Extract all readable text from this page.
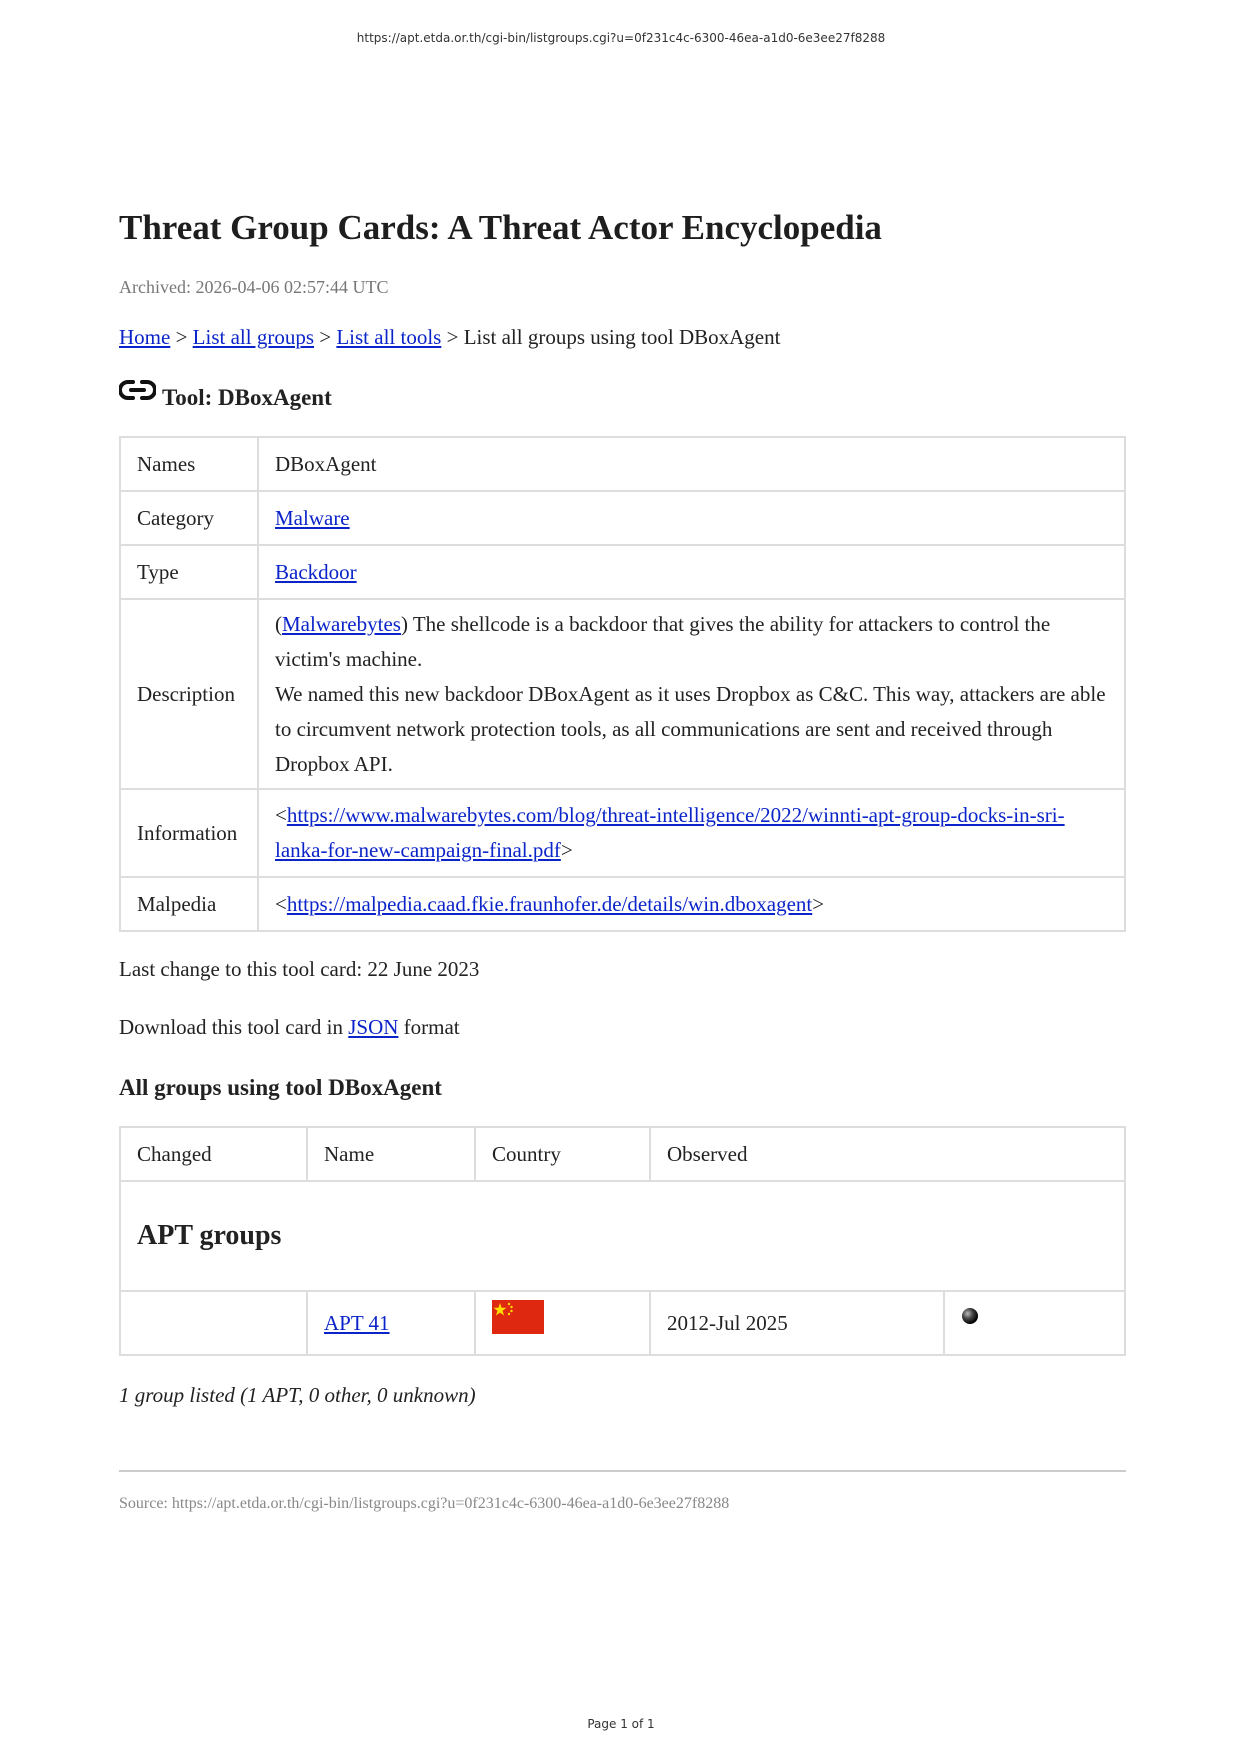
https://apt.etda.or.th/cgi-bin/listgroups.cgi?u=0f231c4c-6300-46ea-a1d0-6e3ee27f8288
Threat Group Cards: A Threat Actor Encyclopedia
Archived: 2026-04-06 02:57:44 UTC
Home > List all groups > List all tools > List all groups using tool DBoxAgent
Tool: DBoxAgent
Names	DBoxAgent
Category	Malware
Type	Backdoor
Description	(Malwarebytes) The shellcode is a backdoor that gives the ability for attackers to control the victim's machine.
We named this new backdoor DBoxAgent as it uses Dropbox as C&C. This way, attackers are able to circumvent network protection tools, as all communications are sent and received through Dropbox API.

Information	<https://www.malwarebytes.com/blog/threat-intelligence/2022/winnti-apt-group-docks-in-sri-lanka-for-new-campaign-final.pdf>
Malpedia	<https://malpedia.caad.fkie.fraunhofer.de/details/win.dboxagent>
Last change to this tool card: 22 June 2023
Download this tool card in JSON format
All groups using tool DBoxAgent
Changed	Name	Country	Observed	
APT groups				
	APT 41		2012-Jul 2025	
1 group listed (1 APT, 0 other, 0 unknown)
Source: https://apt.etda.or.th/cgi-bin/listgroups.cgi?u=0f231c4c-6300-46ea-a1d0-6e3ee27f8288
Page 1 of 1
